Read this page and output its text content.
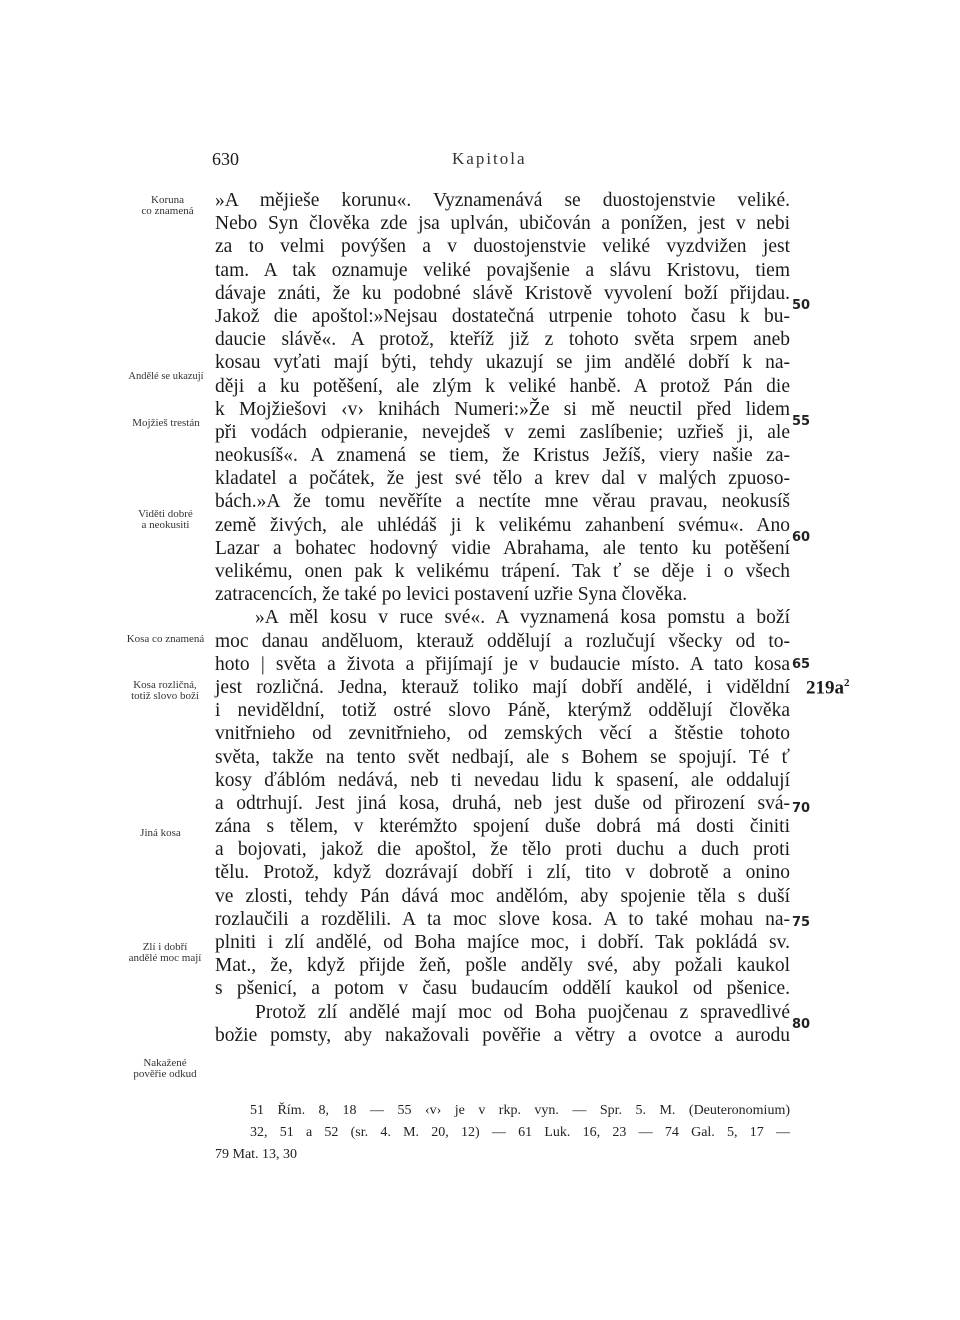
630	Kapitola
$219a^2$
Koruna
co znamená
Andělé se ukazují
Mojžieš trestán
Viděti dobré
a neokusiti
Kosa co znamená
Kosa rozličná,
totiž slovo boží
Jiná kosa
Zlí i dobří
andělé moc mají
Nakažené
pověřie odkud
50
55
60
65
70
75
80
»A mějieše korunu«. Vyznamenává se duostojenstvie veliké.
Nebo Syn člověka zde jsa uplván, ubičován a ponížen, jest v nebi
za to velmi povýšen a v duostojenstvie veliké vyzdvižen jest
tam. A tak oznamuje veliké povajšenie a slávu Kristovu, tiem
dávaje znáti, že ku podobné slávě Kristově vyvolení boží přijdau.
Jakož die apoštol:»Nejsau dostatečná utrpenie tohoto času k bu-
daucie slávě«. A protož, kteříž již z tohoto světa srpem aneb
kosau vyťati mají býti, tehdy ukazují se jim andělé dobří k na-
ději a ku potěšení, ale zlým k veliké hanbě. A protož Pán die
k Mojžiešovi ‹v› knihách Numeri:»Že si mě neuctil před lidem
při vodách odpieranie, nevejdeš v zemi zaslíbenie; uzřieš ji, ale
neokusíš«. A znamená se tiem, že Kristus Ježíš, viery našie za-
kladatel a počátek, že jest své tělo a krev dal v malých zpuoso-
bách.»A že tomu nevěříte a nectíte mne věrau pravau, neokusíš
země živých, ale uhlédáš ji k velikému zahanbení svému«. Ano
Lazar a bohatec hodovný vidie Abrahama, ale tento ku potěšení
velikému, onen pak k velikému trápení. Tak ť se děje i o všech
zatracencích, že také po levici postavení uzřie Syna člověka.
»A měl kosu v ruce své«. A vyznamená kosa pomstu a boží
moc danau anděluom, kterauž oddělují a rozlučují všecky od to-
hoto | světa a života a přijímají je v budaucie místo. A tato kosa
jest rozličná. Jedna, kterauž toliko mají dobří andělé, i viděldní
i neviděldní, totiž ostré slovo Páně, kterýmž oddělují člověka
vnitřnieho od zevnitřnieho, od zemských věcí a štěstie tohoto
světa, takže na tento svět nedbají, ale s Bohem se spojují. Té ť
kosy ďáblóm nedává, neb ti nevedau lidu k spasení, ale oddalují
a odtrhují. Jest jiná kosa, druhá, neb jest duše od přirození svá-
zána s tělem, v kterémžto spojení duše dobrá má dosti činiti
a bojovati, jakož die apoštol, že tělo proti duchu a duch proti
tělu. Protož, když dozrávají dobří i zlí, tito v dobrotě a onino
ve zlosti, tehdy Pán dává moc andělóm, aby spojenie těla s duší
rozlaučili a rozdělili. A ta moc slove kosa. A to také mohau na-
plniti i zlí andělé, od Boha majíce moc, i dobří. Tak pokládá sv.
Mat., že, když přijde žeň, pošle anděly své, aby požali kaukol
s pšenicí, a potom v času budaucím oddělí kaukol od pšenice.
Protož zlí andělé mají moc od Boha puojčenau z spravedlivé
božie pomsty, aby nakažovali pověřie a větry a ovotce a aurodu
51 Řím. 8, 18 — 55 ‹v› je v rkp. vyn. — Spr. 5. M. (Deuteronomium)
32, 51 a 52 (sr. 4. M. 20, 12) — 61 Luk. 16, 23 — 74 Gal. 5, 17 —
79 Mat. 13, 30
